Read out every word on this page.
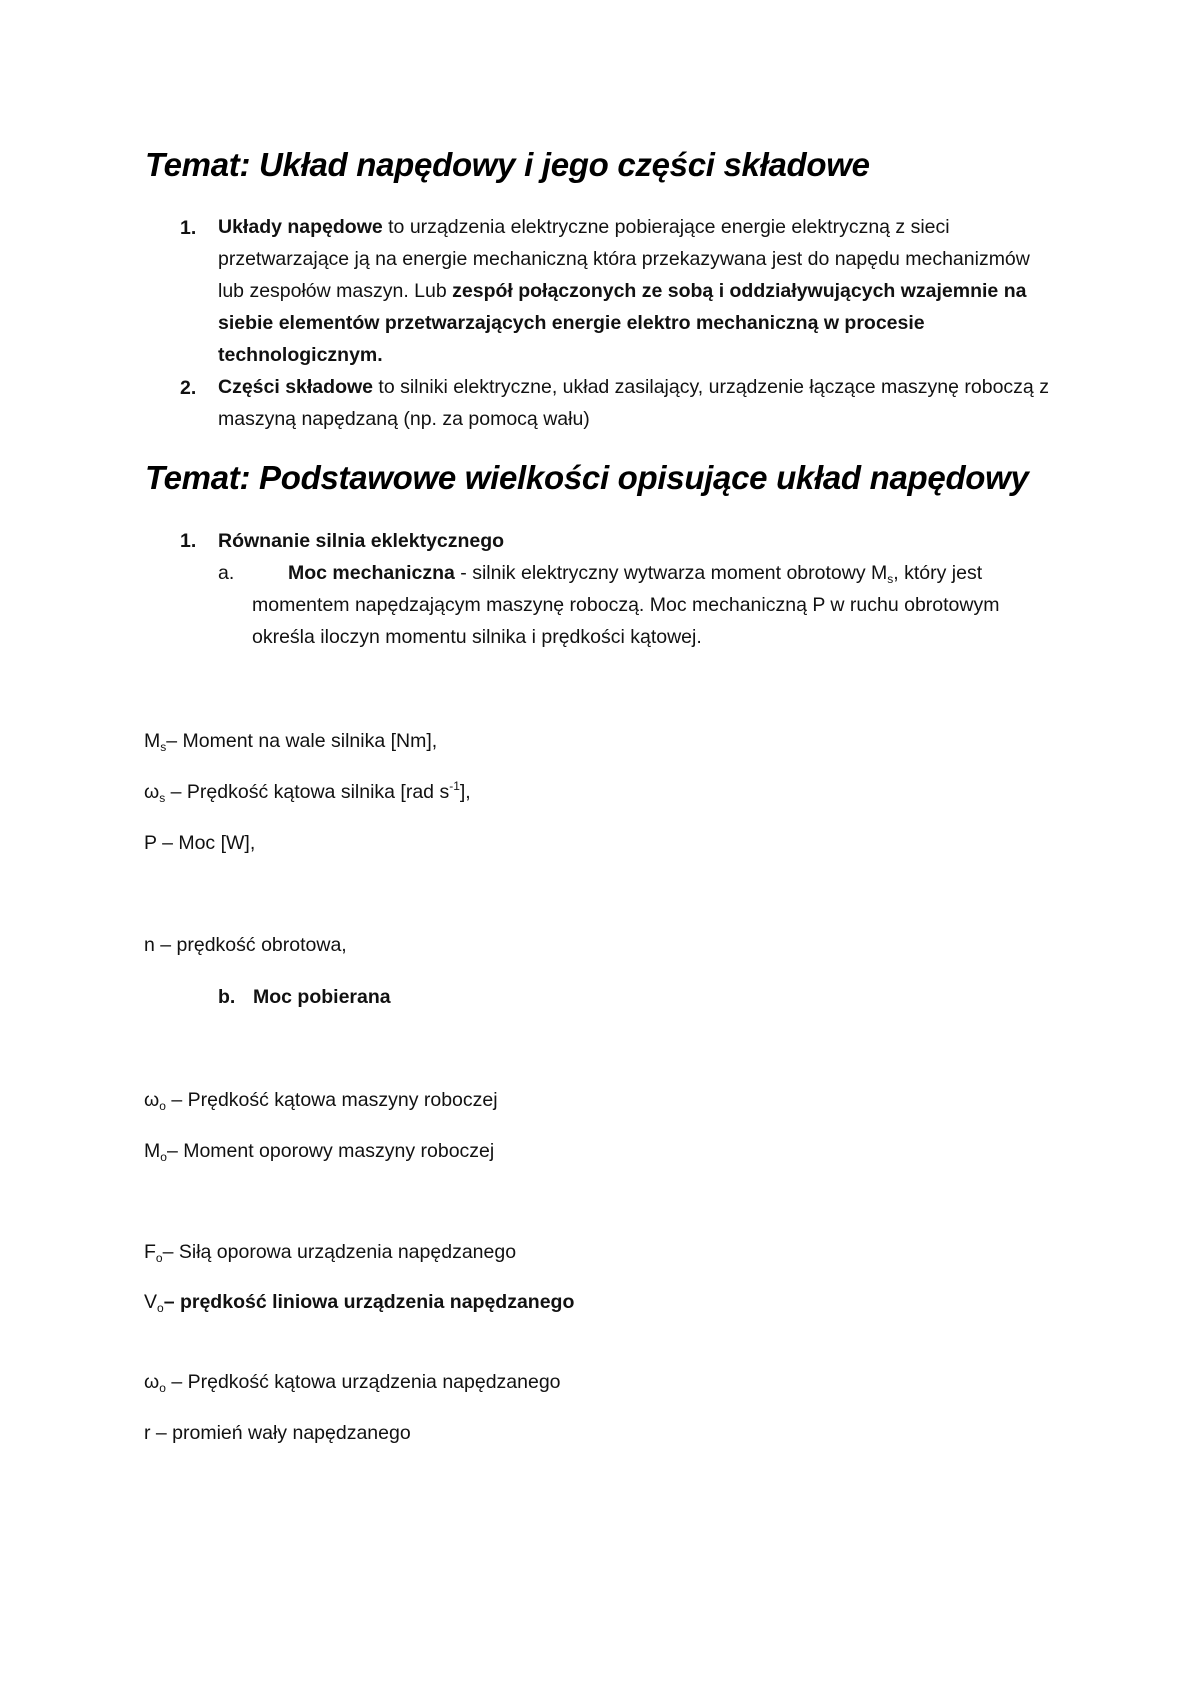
Temat: Układ napędowy i jego części składowe
1. Układy napędowe to urządzenia elektryczne pobierające energie elektryczną z sieci
przetwarzające ją na energie mechaniczną która przekazywana jest do napędu mechanizmów
lub zespołów maszyn. Lub zespół połączonych ze sobą i oddziaływujących wzajemnie na
siebie elementów przetwarzających energie elektro mechaniczną w procesie
technologicznym.
2. Części składowe to silniki elektryczne, układ zasilający, urządzenie łączące maszynę roboczą z
maszyną napędzaną (np. za pomocą wału)
Temat: Podstawowe wielkości opisujące układ napędowy
1. Równanie silnia eklektycznego
a.	Moc mechaniczna - silnik elektryczny wytwarza moment obrotowy $M_s$, który jest
momentem napędzającym maszynę roboczą. Moc mechaniczną P w ruchu obrotowym
określa iloczyn momentu silnika i prędkości kątowej.
$M_s-$ Moment na wale silnika [Nm],
$\omega_s$ – Prędkość kątowa silnika [rad $s^{-1}$],
P – Moc [W],
n – prędkość obrotowa,
b. Moc pobierana
$\omega_o$ – Prędkość kątowa maszyny roboczej
$M_o-$ Moment oporowy maszyny roboczej
$F_o-$ Siłą oporowa urządzenia napędzanego
$V_o-$ prędkość liniowa urządzenia napędzanego
$\omega_o$ – Prędkość kątowa urządzenia napędzanego
r – promień wały napędzanego
